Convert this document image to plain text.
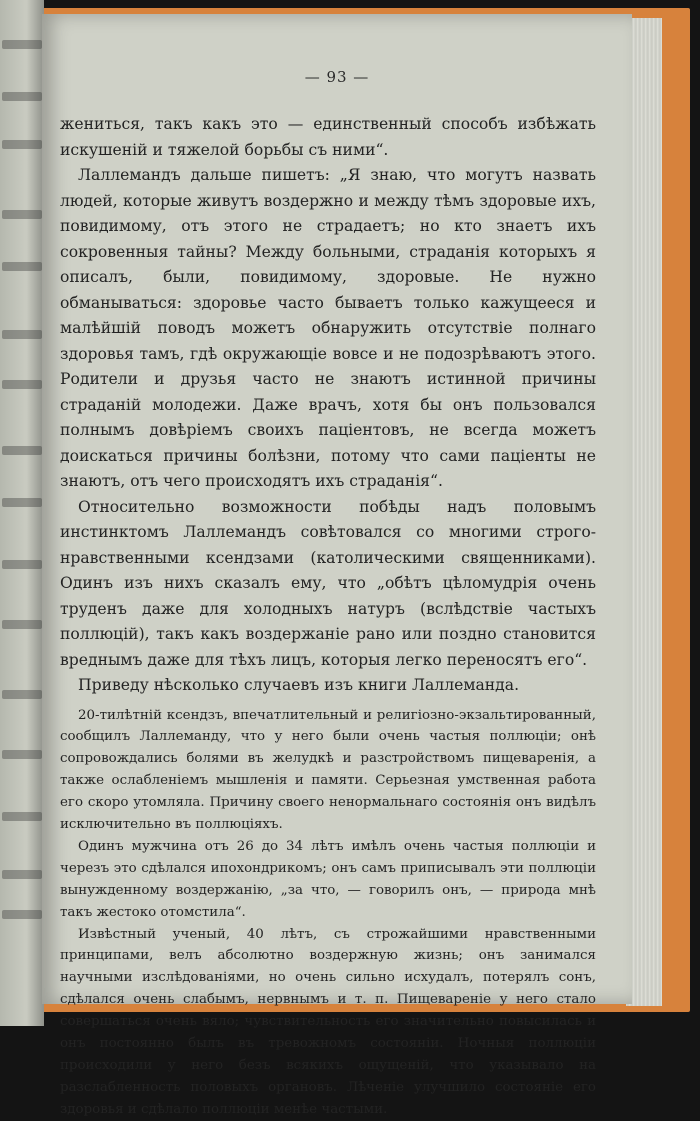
— 93 —

жениться, такъ какъ это — единственный способъ избѣжать искушенiй и тяжелой борьбы съ ними“.

Лаллемандъ дальше пишетъ: „Я знаю, что могутъ назвать людей, которые живутъ воздержно и между тѣмъ здоровые ихъ, повидимому, отъ этого не страдаетъ; но кто знаетъ ихъ сокровенныя тайны? Между больными, страданiя которыхъ я описалъ, были, повидимому, здоровые. Не нужно обманываться: здоровье часто бываетъ только кажущееся и малѣйшiй поводъ можетъ обнаружить отсутствiе полнаго здоровья тамъ, гдѣ окружающiе вовсе и не подозрѣваютъ этого. Родители и друзья часто не знаютъ истинной причины страданiй молодежи. Даже врачъ, хотя бы онъ пользовался полнымъ довѣрiемъ своихъ пацiентовъ, не всегда можетъ доискаться причины болѣзни, потому что сами пацiенты не знаютъ, отъ чего происходятъ ихъ страданiя“.

Относительно возможности побѣды надъ половымъ инстинктомъ Лаллемандъ совѣтовался со многими строго-нравственными ксендзами (католическими священниками). Одинъ изъ нихъ сказалъ ему, что „обѣтъ цѣломудрiя очень труденъ даже для холодныхъ натуръ (вслѣдствiе частыхъ поллюцiй), такъ какъ воздержанiе рано или поздно становится вреднымъ даже для тѣхъ лицъ, которыя легко переносятъ его“.

Приведу нѣсколько случаевъ изъ книги Лаллеманда.

20-тилѣтнiй ксендзъ, впечатлительный и религiозно-экзальтированный, сообщилъ Лаллеманду, что у него были очень частыя поллюцiи; онѣ сопровождались болями въ желудкѣ и разстройствомъ пищеваренiя, а также ослабленiемъ мышленiя и памяти. Серьезная умственная работа его скоро утомляла. Причину своего ненормальнаго состоянiя онъ видѣлъ исключительно въ поллюцiяхъ.

Одинъ мужчина отъ 26 до 34 лѣтъ имѣлъ очень частыя поллюцiи и черезъ это сдѣлался ипохондрикомъ; онъ самъ приписывалъ эти поллюцiи вынужденному воздержанiю, „за что, — говорилъ онъ, — природа мнѣ такъ жестоко отомстила“.

Извѣстный ученый, 40 лѣтъ, съ строжайшими нравственными принципами, велъ абсолютно воздержную жизнь; онъ занимался научными изслѣдованiями, но очень сильно исхудалъ, потерялъ сонъ, сдѣлался очень слабымъ, нервнымъ и т. п. Пищеваренiе у него стало совершаться очень вяло; чувствительность его значительно повысилась и онъ постоянно былъ въ тревожномъ состоянiи. Ночныя поллюцiи происходили у него безъ всякихъ ощущенiй, что указывало на разслабленность половыхъ органовъ. Лѣченiе улучшило состоянiе его здоровья и сдѣлало поллюцiи менѣе частыми.
